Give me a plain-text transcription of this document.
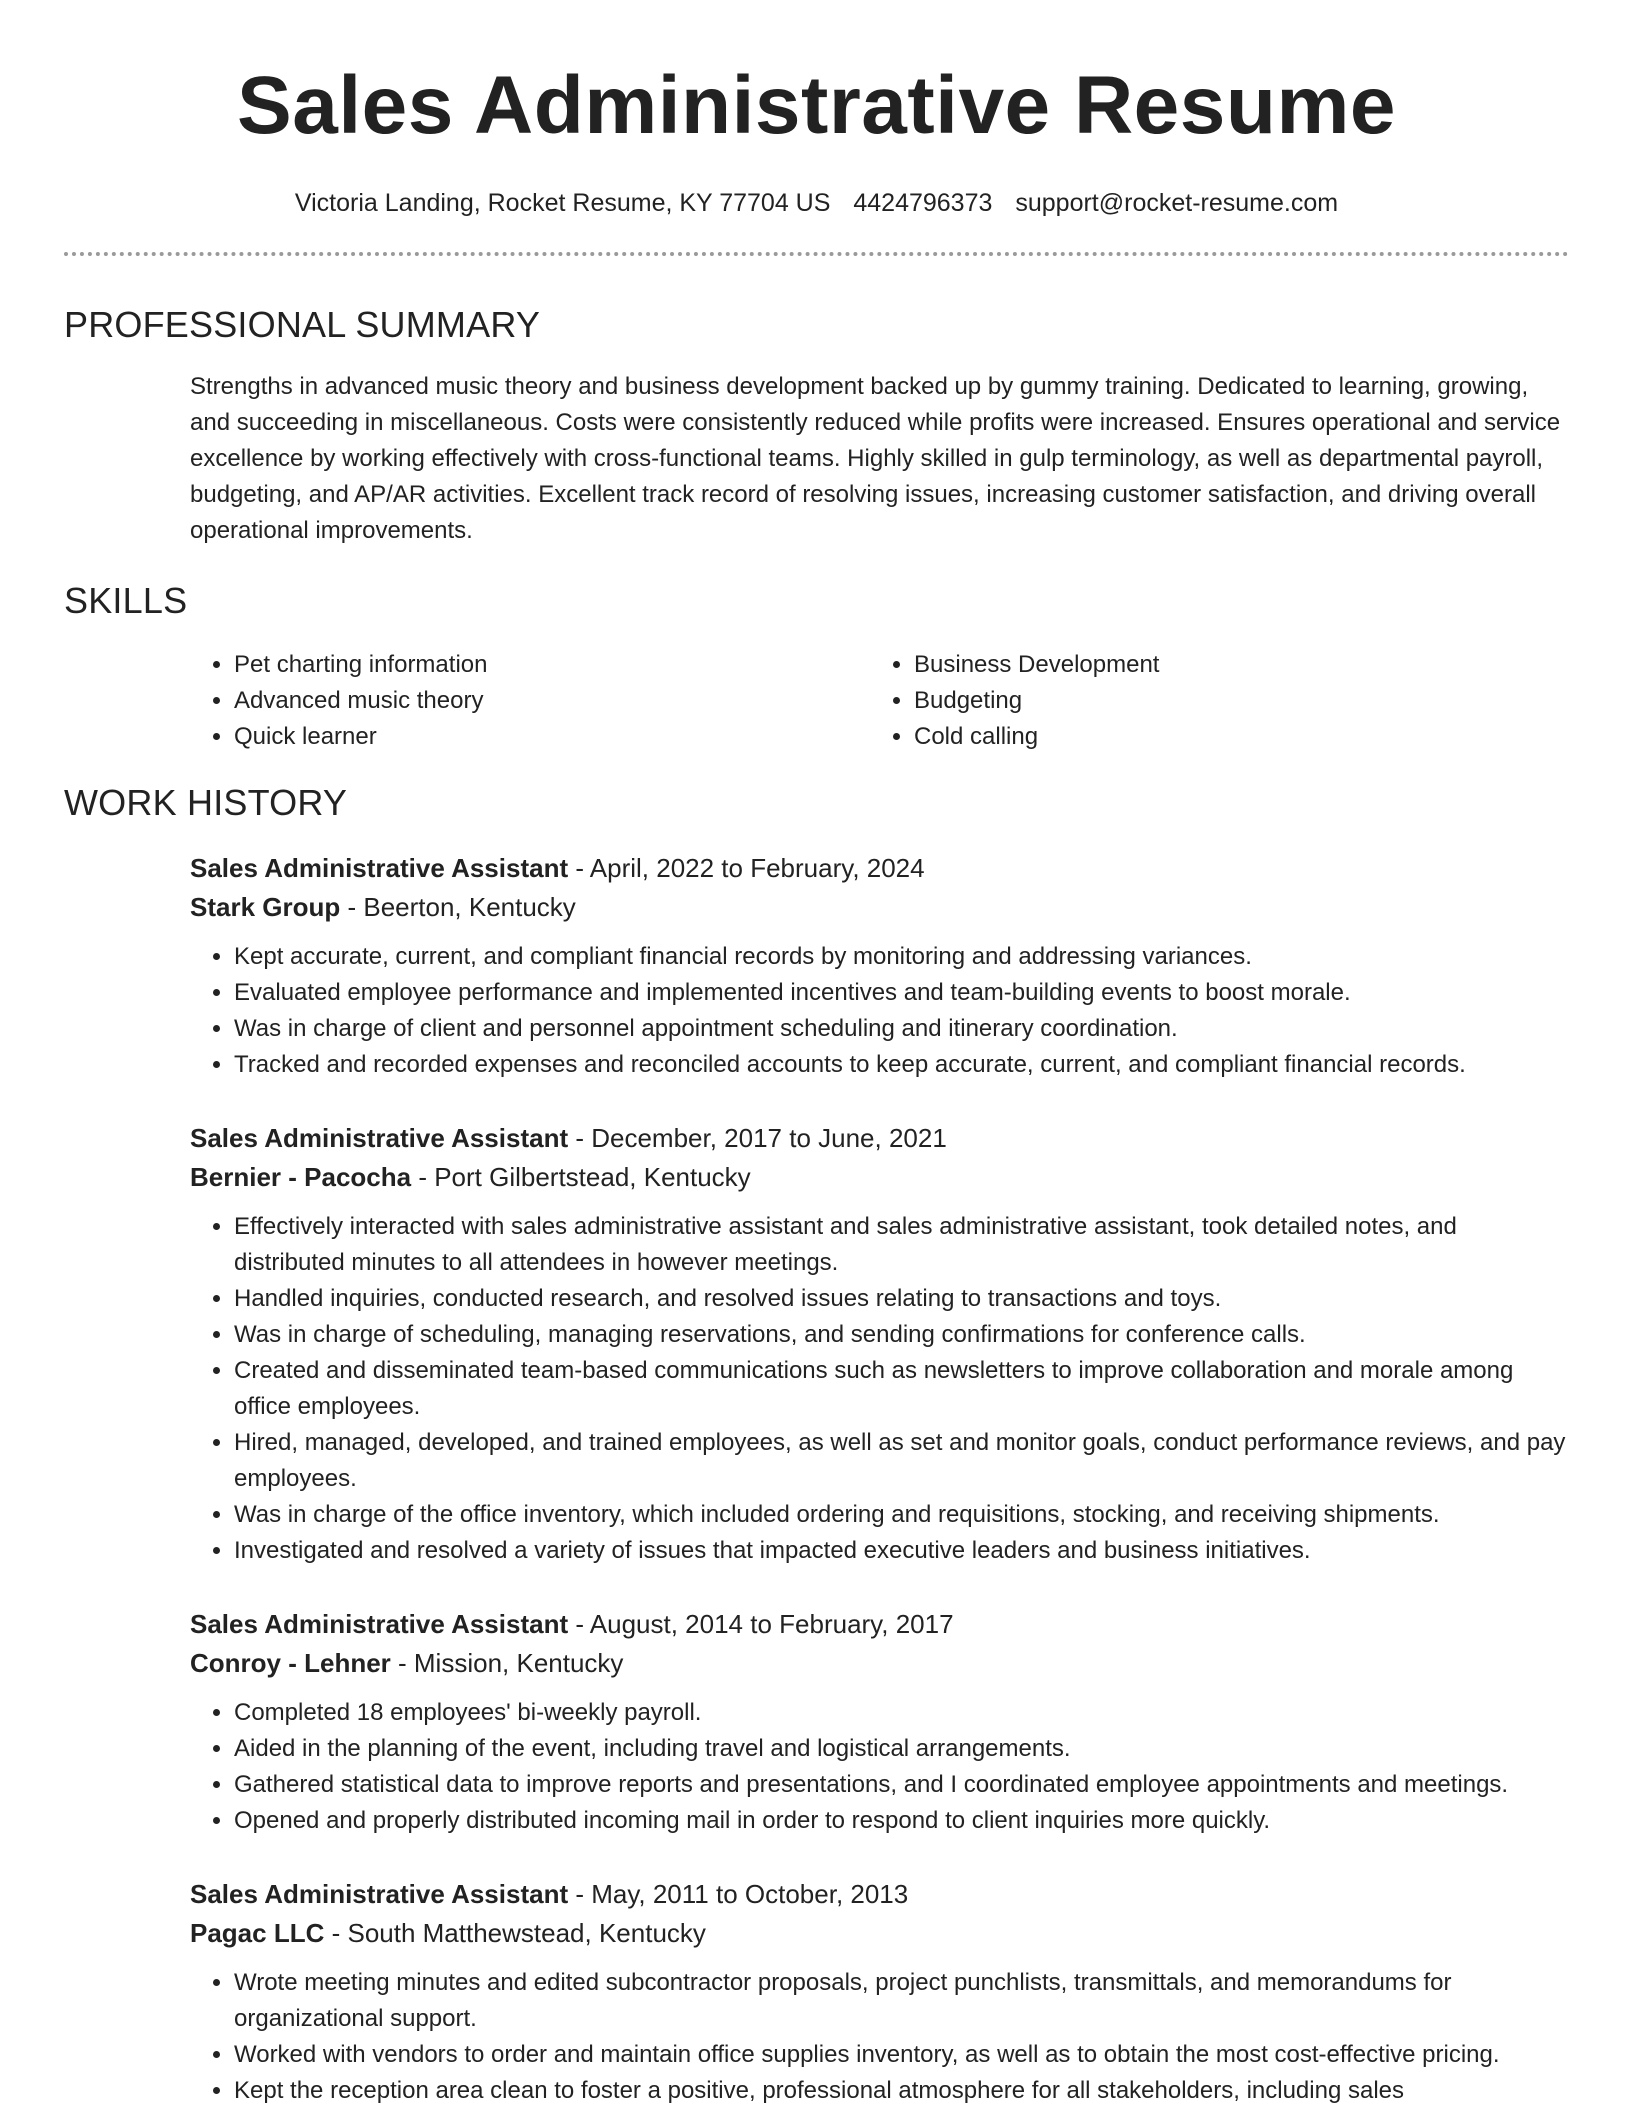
Sales Administrative Resume
Victoria Landing, Rocket Resume, KY 77704 US 4424796373 support@rocket-resume.com
PROFESSIONAL SUMMARY

Strengths in advanced music theory and business development backed up by gummy training. Dedicated to learning, growing, and succeeding in miscellaneous. Costs were consistently reduced while profits were increased. Ensures operational and service excellence by working effectively with cross-functional teams. Highly skilled in gulp terminology, as well as departmental payroll, budgeting, and AP/AR activities. Excellent track record of resolving issues, increasing customer satisfaction, and driving overall operational improvements.

SKILLS
• Pet charting information
• Advanced music theory
• Quick learner
• Business Development
• Budgeting
• Cold calling
WORK HISTORY
Sales Administrative Assistant - April, 2022 to February, 2024
Stark Group - Beerton, Kentucky
• Kept accurate, current, and compliant financial records by monitoring and addressing variances.
• Evaluated employee performance and implemented incentives and team-building events to boost morale.
• Was in charge of client and personnel appointment scheduling and itinerary coordination.
• Tracked and recorded expenses and reconciled accounts to keep accurate, current, and compliant financial records.
Sales Administrative Assistant - December, 2017 to June, 2021
Bernier - Pacocha - Port Gilbertstead, Kentucky
• Effectively interacted with sales administrative assistant and sales administrative assistant, took detailed notes, and distributed minutes to all attendees in however meetings.
• Handled inquiries, conducted research, and resolved issues relating to transactions and toys.
• Was in charge of scheduling, managing reservations, and sending confirmations for conference calls.
• Created and disseminated team-based communications such as newsletters to improve collaboration and morale among office employees.
• Hired, managed, developed, and trained employees, as well as set and monitor goals, conduct performance reviews, and pay employees.
• Was in charge of the office inventory, which included ordering and requisitions, stocking, and receiving shipments.
• Investigated and resolved a variety of issues that impacted executive leaders and business initiatives.
Sales Administrative Assistant - August, 2014 to February, 2017
Conroy - Lehner - Mission, Kentucky
• Completed 18 employees' bi-weekly payroll.
• Aided in the planning of the event, including travel and logistical arrangements.
• Gathered statistical data to improve reports and presentations, and I coordinated employee appointments and meetings.
• Opened and properly distributed incoming mail in order to respond to client inquiries more quickly.
Sales Administrative Assistant - May, 2011 to October, 2013
Pagac LLC - South Matthewstead, Kentucky
• Wrote meeting minutes and edited subcontractor proposals, project punchlists, transmittals, and memorandums for organizational support.
• Worked with vendors to order and maintain office supplies inventory, as well as to obtain the most cost-effective pricing.
• Kept the reception area clean to foster a positive, professional atmosphere for all stakeholders, including sales
